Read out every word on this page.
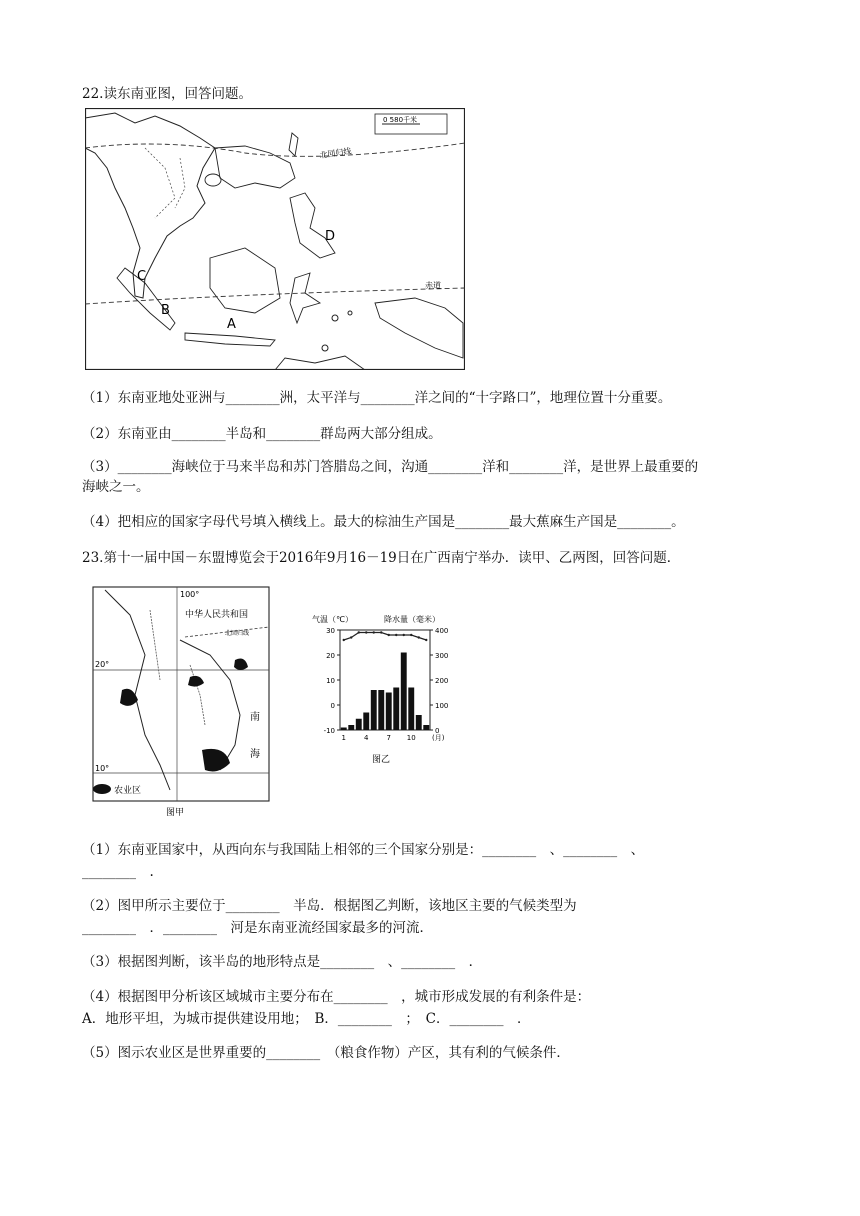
22.读东南亚图，回答问题。
0 580千米
北回归线
赤道
D
C
B
A
（1）东南亚地处亚洲与________洲，太平洋与________洋之间的“十字路口”，地理位置十分重要。
（2）东南亚由________半岛和________群岛两大部分组成。
（3）________海峡位于马来半岛和苏门答腊岛之间，沟通________洋和________洋，是世界上最重要的
海峡之一。
（4）把相应的国家字母代号填入横线上。最大的棕油生产国是________最大蕉麻生产国是________。
23.第十一届中国－东盟博览会于2016年9月16－19日在广西南宁举办．读甲、乙两图，回答问题．
100°
20°
10°
北回归线
中华人民共和国
南
海
农业区
图甲
气温（℃）	降水量（毫米）
30
20
10
0
-10
400
300
200
100
0
1	4	7 10 (月)
图乙
（1）东南亚国家中，从西向东与我国陆上相邻的三个国家分别是：________　、________　、
________　.
（2）图甲所示主要位于________　半岛．根据图乙判断，该地区主要的气候类型为
________　．________　河是东南亚流经国家最多的河流．
（3）根据图判断，该半岛的地形特点是________　、________　．
（4）根据图甲分析该区域城市主要分布在________　，城市形成发展的有利条件是：
A．地形平坦，为城市提供建设用地；　B．________　；　C．________　．
（5）图示农业区是世界重要的________　（粮食作物）产区，其有利的气候条件．
